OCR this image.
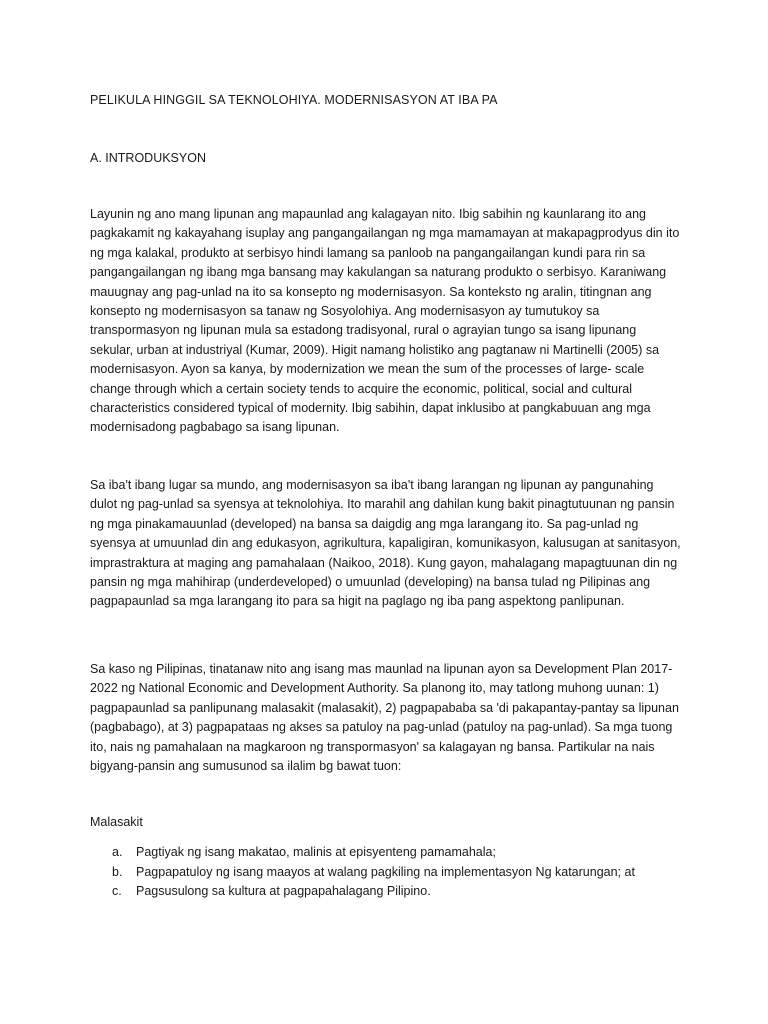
PELIKULA HINGGIL SA TEKNOLOHIYA. MODERNISASYON AT IBA PA
A. INTRODUKSYON

Layunin ng ano mang lipunan ang mapaunlad ang kalagayan nito. Ibig sabihin ng kaunlarang ito ang pagkakamit ng kakayahang isuplay ang pangangailangan ng mga mamamayan at makapagprodyus din ito ng mga kalakal, produkto at serbisyo hindi lamang sa panloob na pangangailangan kundi para rin sa pangangailangan ng ibang mga bansang may kakulangan sa naturang produkto o serbisyo. Karaniwang mauugnay ang pag-unlad na ito sa konsepto ng modernisasyon. Sa konteksto ng aralin, titingnan ang konsepto ng modernisasyon sa tanaw ng Sosyolohiya. Ang modernisasyon ay tumutukoy sa transpormasyon ng lipunan mula sa estadong tradisyonal, rural o agrayian tungo sa isang lipunang sekular, urban at industriyal (Kumar, 2009). Higit namang holistiko ang pagtanaw ni Martinelli (2005) sa modernisasyon. Ayon sa kanya, by modernization we mean the sum of the processes of large- scale change through which a certain society tends to acquire the economic, political, social and cultural characteristics considered typical of modernity. Ibig sabihin, dapat inklusibo at pangkabuuan ang mga modernisadong pagbabago sa isang lipunan.

Sa iba't ibang lugar sa mundo, ang modernisasyon sa iba't ibang larangan ng lipunan ay pangunahing dulot ng pag-unlad sa syensya at teknolohiya. Ito marahil ang dahilan kung bakit pinagtutuunan ng pansin ng mga pinakamauunlad (developed) na bansa sa daigdig ang mga larangang ito. Sa pag-unlad ng syensya at umuunlad din ang edukasyon, agrikultura, kapaligiran, komunikasyon, kalusugan at sanitasyon, imprastraktura at maging ang pamahalaan (Naikoo, 2018). Kung gayon, mahalagang mapagtuunan din ng pansin ng mga mahihirap (underdeveloped) o umuunlad (developing) na bansa tulad ng Pilipinas ang pagpapaunlad sa mga larangang ito para sa higit na paglago ng iba pang aspektong panlipunan.

Sa kaso ng Pilipinas, tinatanaw nito ang isang mas maunlad na lipunan ayon sa Development Plan 2017-2022 ng National Economic and Development Authority. Sa planong ito, may tatlong muhong uunan: 1) pagpapaunlad sa panlipunang malasakit (malasakit), 2) pagpapababa sa 'di pakapantay-pantay sa lipunan (pagbabago), at 3) pagpapataas ng akses sa patuloy na pag-unlad (patuloy na pag-unlad). Sa mga tuong ito, nais ng pamahalaan na magkaroon ng transpormasyon' sa kalagayan ng bansa. Partikular na nais bigyang-pansin ang sumusunod sa ilalim bg bawat tuon:

Malasakit
a. Pagtiyak ng isang makatao, malinis at episyenteng pamamahala;
b. Pagpapatuloy ng isang maayos at walang pagkiling na implementasyon Ng katarungan; at
c. Pagsusulong sa kultura at pagpapahalagang Pilipino.
